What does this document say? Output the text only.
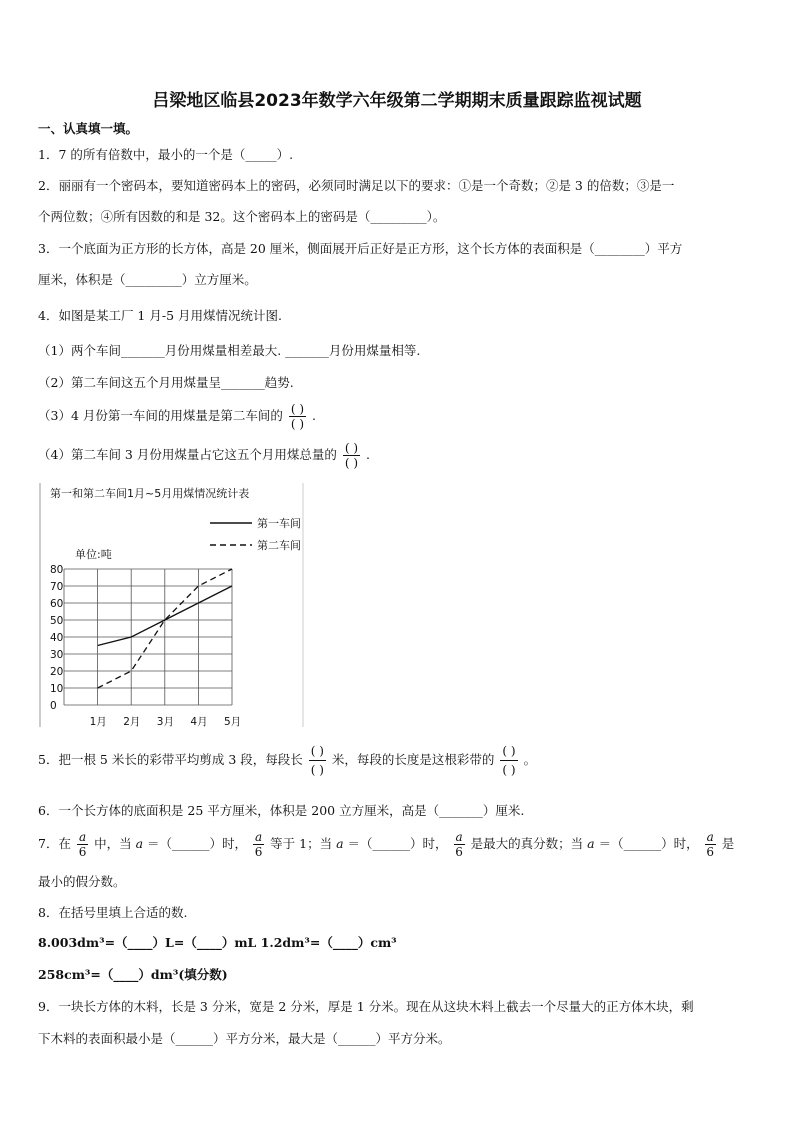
吕梁地区临县2023年数学六年级第二学期期末质量跟踪监视试题
一、认真填一填。
1．7 的所有倍数中，最小的一个是（_____）.
2．丽丽有一个密码本，要知道密码本上的密码，必须同时满足以下的要求：①是一个奇数；②是 3 的倍数；③是一
个两位数；④所有因数的和是 32。这个密码本上的密码是（_________）。
3．一个底面为正方形的长方体，高是 20 厘米，侧面展开后正好是正方形，这个长方体的表面积是（________）平方
厘米，体积是（_________）立方厘米。
4．如图是某工厂 1 月-5 月用煤情况统计图.
（1）两个车间_______月份用煤量相差最大. _______月份用煤量相等.
（2）第二车间这五个月用煤量呈_______趋势.
（3）4 月份第一车间的用煤量是第二车间的 $\frac{( )}{( )}$ .
（4）第二车间 3 月份用煤量占它这五个月用煤总量的 $\frac{( )}{( )}$ .
第一和第二车间1月~5月用煤情况统计表
第一车间
第二车间
单位:吨
0
10
20
30
40
50
60
70
80
1月 2月 3月 4月 5月
5．把一根 5 米长的彩带平均剪成 3 段，每段长 $\frac{( )}{( )}$ 米，每段的长度是这根彩带的 $\frac{( )}{( )}$ 。
6．一个长方体的底面积是 25 平方厘米，体积是 200 立方厘米，高是（_______）厘米.
7．在 $\frac{a}{6}$ 中，当 a ＝（______）时， $\frac{a}{6}$ 等于 1；当 a ＝（______）时， $\frac{a}{6}$ 是最大的真分数；当 a ＝（______）时， $\frac{a}{6}$ 是
最小的假分数。
8．在括号里填上合适的数.
8.003dm³=（____）L=（____）mL 1.2dm³=（____）cm³
258cm³=（____）dm³(填分数)
9．一块长方体的木料，长是 3 分米，宽是 2 分米，厚是 1 分米。现在从这块木料上截去一个尽量大的正方体木块，剩
下木料的表面积最小是（______）平方分米，最大是（______）平方分米。
